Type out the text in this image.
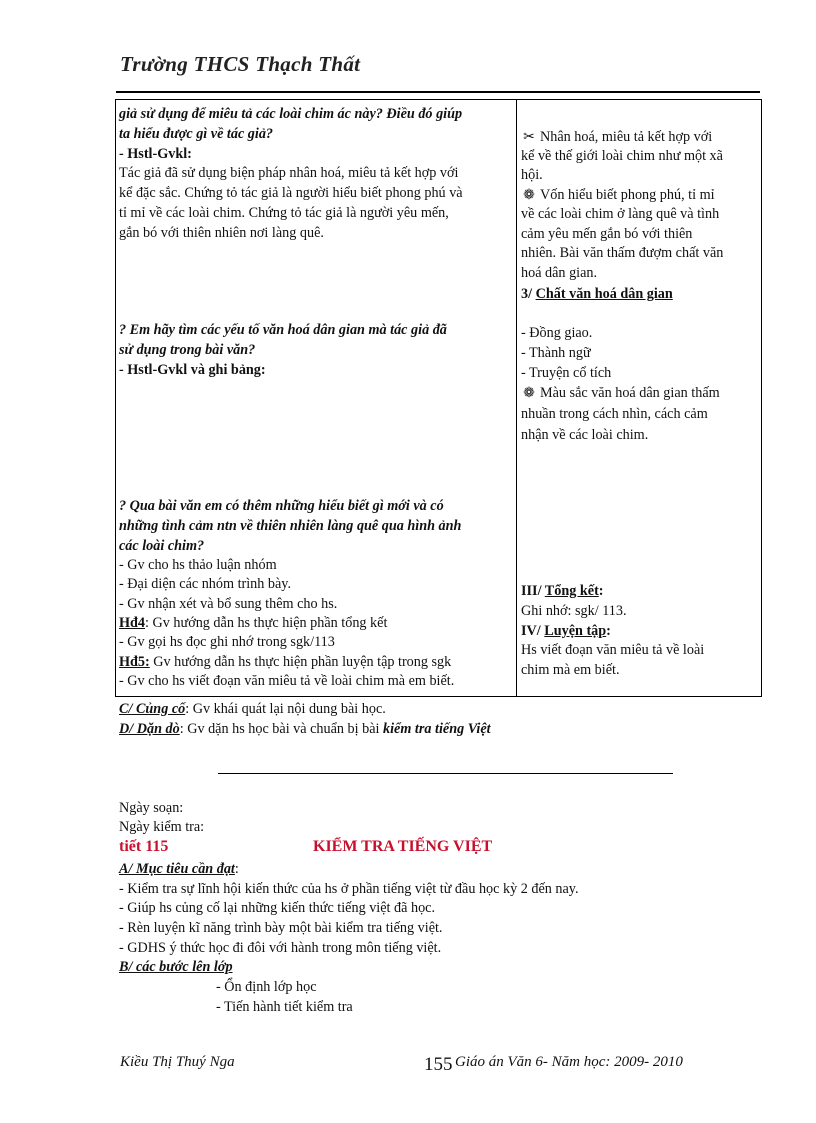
Trường THCS Thạch Thất
giả sử dụng để miêu tả các loài chim ác này? Điều đó giúp
ta hiểu được gì về tác giả?
- Hstl-Gvkl:
Tác giả đã sử dụng biện pháp nhân hoá, miêu tả kết hợp với
kể đặc sắc. Chứng tỏ tác giả là người hiểu biết phong phú và
tỉ mỉ về các loài chim. Chứng tỏ tác giả là người yêu mến,
gắn bó với thiên nhiên nơi làng quê.
? Em hãy tìm các yếu tố văn hoá dân gian mà tác giả đã
sử dụng trong bài văn?
- Hstl-Gvkl và ghi bảng:
? Qua bài văn em có thêm những hiểu biết gì mới và có
những tình cảm ntn về thiên nhiên làng quê qua hình ảnh
các loài chim?
- Gv cho hs thảo luận nhóm
- Đại diện các nhóm trình bày.
- Gv nhận xét và bổ sung thêm cho hs.
Hđ4: Gv hướng dẫn hs thực hiện phần tổng kết
- Gv gọi hs đọc ghi nhớ trong sgk/113
Hđ5: Gv hướng dẫn hs thực hiện phần luyện tập trong sgk
- Gv cho hs viết đoạn văn miêu tả về loài chim mà em biết.
✂ Nhân hoá, miêu tả kết hợp với
kể về thế giới loài chim như một xã
hội.
❁ Vốn hiểu biết phong phú, tỉ mỉ
về các loài chim ở làng quê và tình
cảm yêu mến gắn bó với thiên
nhiên. Bài văn thấm đượm chất văn
hoá dân gian.
3/ Chất văn hoá dân gian
- Đồng giao.
- Thành ngữ
- Truyện cổ tích
❁ Màu sắc văn hoá dân gian thấm
nhuần trong cách nhìn, cách cảm
nhận về các loài chim.
III/ Tổng kết:
Ghi nhớ: sgk/ 113.
IV/ Luyện tập:
Hs viết đoạn văn miêu tả về loài
chim mà em biết.
C/ Củng cố: Gv khái quát lại nội dung bài học.
D/ Dặn dò: Gv dặn hs học bài và chuẩn bị bài kiểm tra tiếng Việt
Ngày soạn:
Ngày kiểm tra:
tiết 115	KIỂM TRA TIẾNG VIỆT
A/ Mục tiêu cần đạt:
- Kiểm tra sự lĩnh hội kiến thức của hs ở phần tiếng việt từ đầu học kỳ 2 đến nay.
- Giúp hs củng cố lại những kiến thức tiếng việt đã học.
- Rèn luyện kĩ năng trình bày một bài kiểm tra tiếng việt.
- GDHS ý thức học đi đôi với hành trong môn tiếng việt.
B/ các bước lên lớp
- Ổn định lớp học
- Tiến hành tiết kiểm tra
Kiều Thị Thuý Nga	155 Giáo án Văn 6- Năm học: 2009- 2010
